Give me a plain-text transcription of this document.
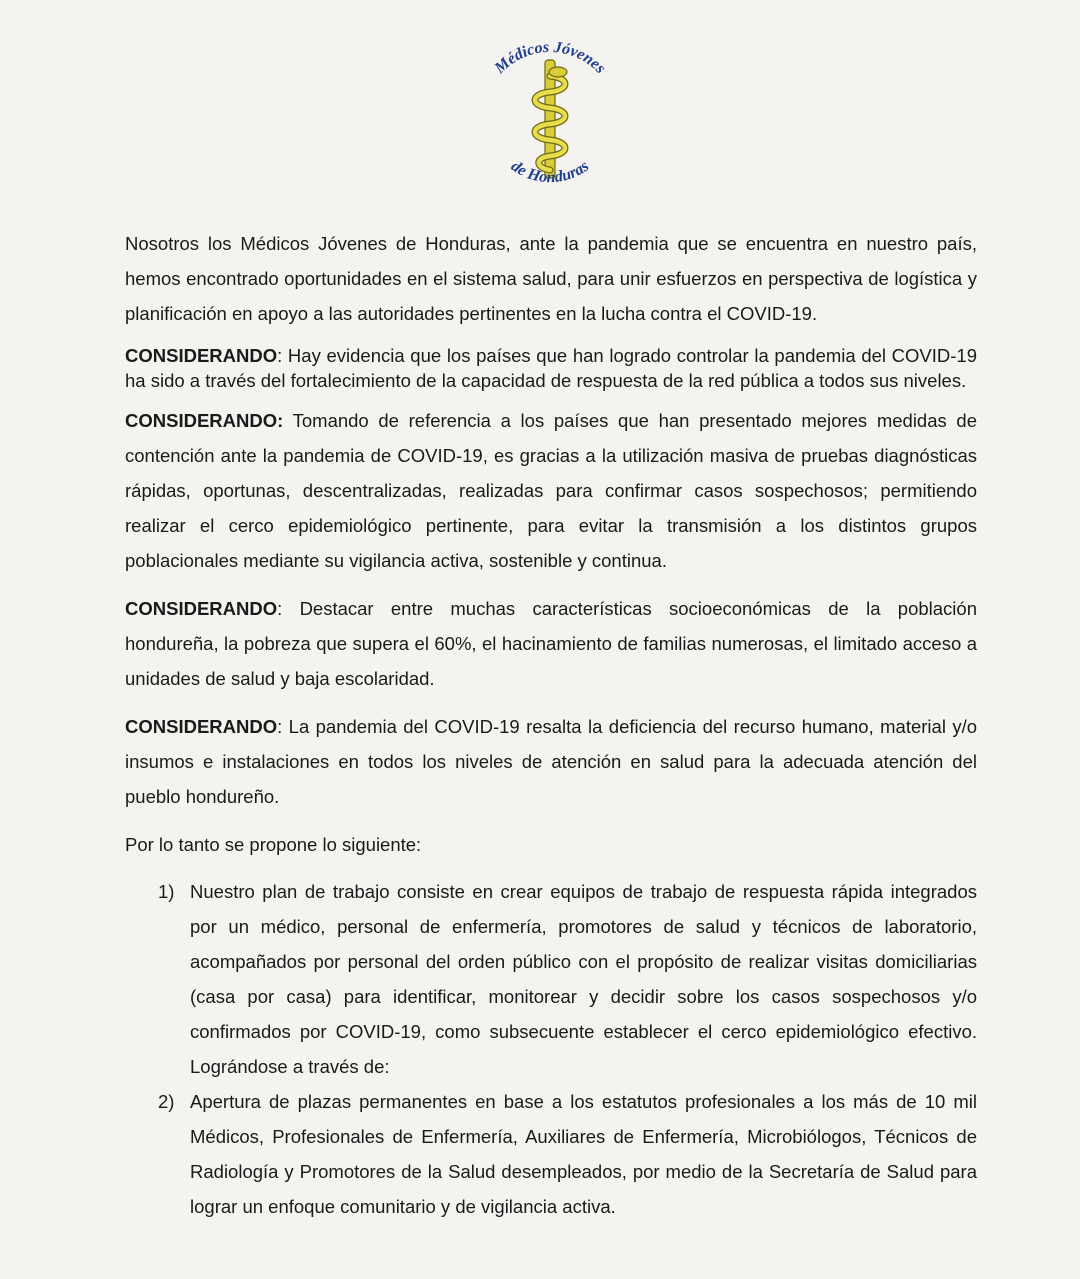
Médicos Jóvenes
de Honduras

Nosotros los Médicos Jóvenes de Honduras, ante la pandemia que se encuentra en nuestro país, hemos encontrado oportunidades en el sistema salud, para unir esfuerzos en perspectiva de logística y planificación en apoyo a las autoridades pertinentes en la lucha contra el COVID-19.

CONSIDERANDO: Hay evidencia que los países que han logrado controlar la pandemia del COVID-19 ha sido a través del fortalecimiento de la capacidad de respuesta de la red pública a todos sus niveles.

CONSIDERANDO: Tomando de referencia a los países que han presentado mejores medidas de contención ante la pandemia de COVID-19, es gracias a la utilización masiva de pruebas diagnósticas rápidas, oportunas, descentralizadas, realizadas para confirmar casos sospechosos; permitiendo realizar el cerco epidemiológico pertinente, para evitar la transmisión a los distintos grupos poblacionales mediante su vigilancia activa, sostenible y continua.

CONSIDERANDO: Destacar entre muchas características socioeconómicas de la población hondureña, la pobreza que supera el 60%, el hacinamiento de familias numerosas, el limitado acceso a unidades de salud y baja escolaridad.

CONSIDERANDO: La pandemia del COVID-19 resalta la deficiencia del recurso humano, material y/o insumos e instalaciones en todos los niveles de atención en salud para la adecuada atención del pueblo hondureño.

Por lo tanto se propone lo siguiente:

1) Nuestro plan de trabajo consiste en crear equipos de trabajo de respuesta rápida integrados por un médico, personal de enfermería, promotores de salud y técnicos de laboratorio, acompañados por personal del orden público con el propósito de realizar visitas domiciliarias (casa por casa) para identificar, monitorear y decidir sobre los casos sospechosos y/o confirmados por COVID-19, como subsecuente establecer el cerco epidemiológico efectivo. Lográndose a través de:
2) Apertura de plazas permanentes en base a los estatutos profesionales a los más de 10 mil Médicos, Profesionales de Enfermería, Auxiliares de Enfermería, Microbiólogos, Técnicos de Radiología y Promotores de la Salud desempleados, por medio de la Secretaría de Salud para lograr un enfoque comunitario y de vigilancia activa.
